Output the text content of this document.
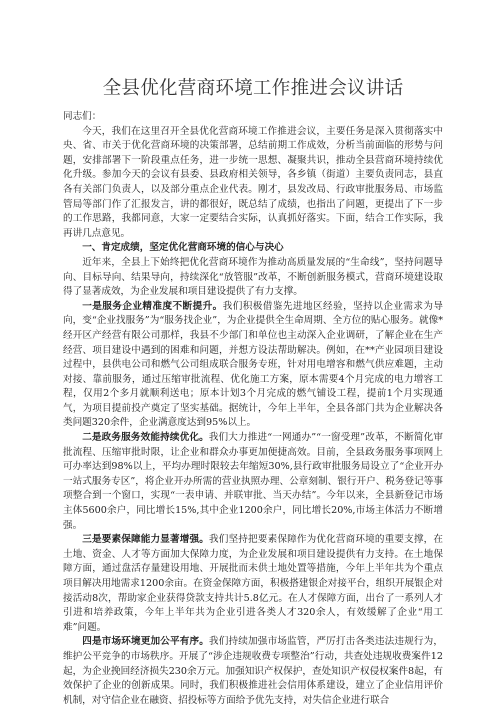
全县优化营商环境工作推进会议讲话

同志们：

今天，我们在这里召开全县优化营商环境工作推进会议，主要任务是深入贯彻落实中央、省、市关于优化营商环境的决策部署，总结前期工作成效，分析当前面临的形势与问题，安排部署下一阶段重点任务，进一步统一思想、凝聚共识，推动全县营商环境持续优化升级。参加今天的会议有县委、县政府相关领导，各乡镇（街道）主要负责同志，县直各有关部门负责人，以及部分重点企业代表。刚才，县发改局、行政审批服务局、市场监管局等部门作了汇报发言，讲的都很好，既总结了成绩，也指出了问题，更提出了下一步的工作思路，我都同意，大家一定要结合实际，认真抓好落实。下面，结合工作实际，我再讲几点意见。

一、肯定成绩，坚定优化营商环境的信心与决心

近年来，全县上下始终把优化营商环境作为推动高质量发展的“生命线”，坚持问题导向、目标导向、结果导向，持续深化“放管服”改革，不断创新服务模式，营商环境建设取得了显著成效，为企业发展和项目建设提供了有力支撑。

一是服务企业精准度不断提升。我们积极借鉴先进地区经验，坚持以企业需求为导向，变“企业找服务”为“服务找企业”，为企业提供全生命周期、全方位的贴心服务。就像*经开区产经营有限公司那样，我县不少部门和单位也主动深入企业调研，了解企业在生产经营、项目建设中遇到的困难和问题，并想方设法帮助解决。例如，在**产业园项目建设过程中，县供电公司和燃气公司组成联合服务专班，针对用电增容和燃气供应难题，主动对接、靠前服务，通过压缩审批流程、优化施工方案，原本需要4个月完成的电力增容工程，仅用2个多月就顺利送电；原本计划3个月完成的燃气铺设工程，提前1个月实现通气，为项目提前投产奠定了坚实基础。据统计，今年上半年，全县各部门共为企业解决各类问题320余件，企业满意度达到95%以上。

二是政务服务效能持续优化。我们大力推进“一网通办”“一窗受理”改革，不断简化审批流程、压缩审批时限，让企业和群众办事更加便捷高效。目前，全县政务服务事项网上可办率达到98%以上，平均办理时限较去年缩短30%,县行政审批服务局设立了“企业开办一站式服务专区”，将企业开办所需的营业执照办理、公章刻制、银行开户、税务登记等事项整合到一个窗口，实现“一表申请、并联审批、当天办结”。今年以来，全县新登记市场主体5600余户，同比增长15%,其中企业1200余户，同比增长20%,市场主体活力不断增强。

三是要素保障能力显著增强。我们坚持把要素保障作为优化营商环境的重要支撑，在土地、资金、人才等方面加大保障力度，为企业发展和项目建设提供有力支持。在土地保障方面，通过盘活存量建设用地、开展批而未供土地处置等措施，今年上半年共为个重点项目解决用地需求1200余亩。在资金保障方面，积极搭建银企对接平台，组织开展银企对接活动8次，帮助家企业获得贷款支持共计5.8亿元。在人才保障方面，出台了一系列人才引进和培养政策，今年上半年共为企业引进各类人才320余人，有效缓解了企业“用工难”问题。

四是市场环境更加公平有序。我们持续加强市场监管，严厉打击各类违法违规行为，维护公平竞争的市场秩序。开展了“涉企违规收费专项整治”行动，共查处违规收费案件12起，为企业挽回经济损失230余万元。加强知识产权保护，查处知识产权侵权案件8起，有效保护了企业的创新成果。同时，我们积极推进社会信用体系建设，建立了企业信用评价机制，对守信企业在融资、招投标等方面给予优先支持，对失信企业进行联合
